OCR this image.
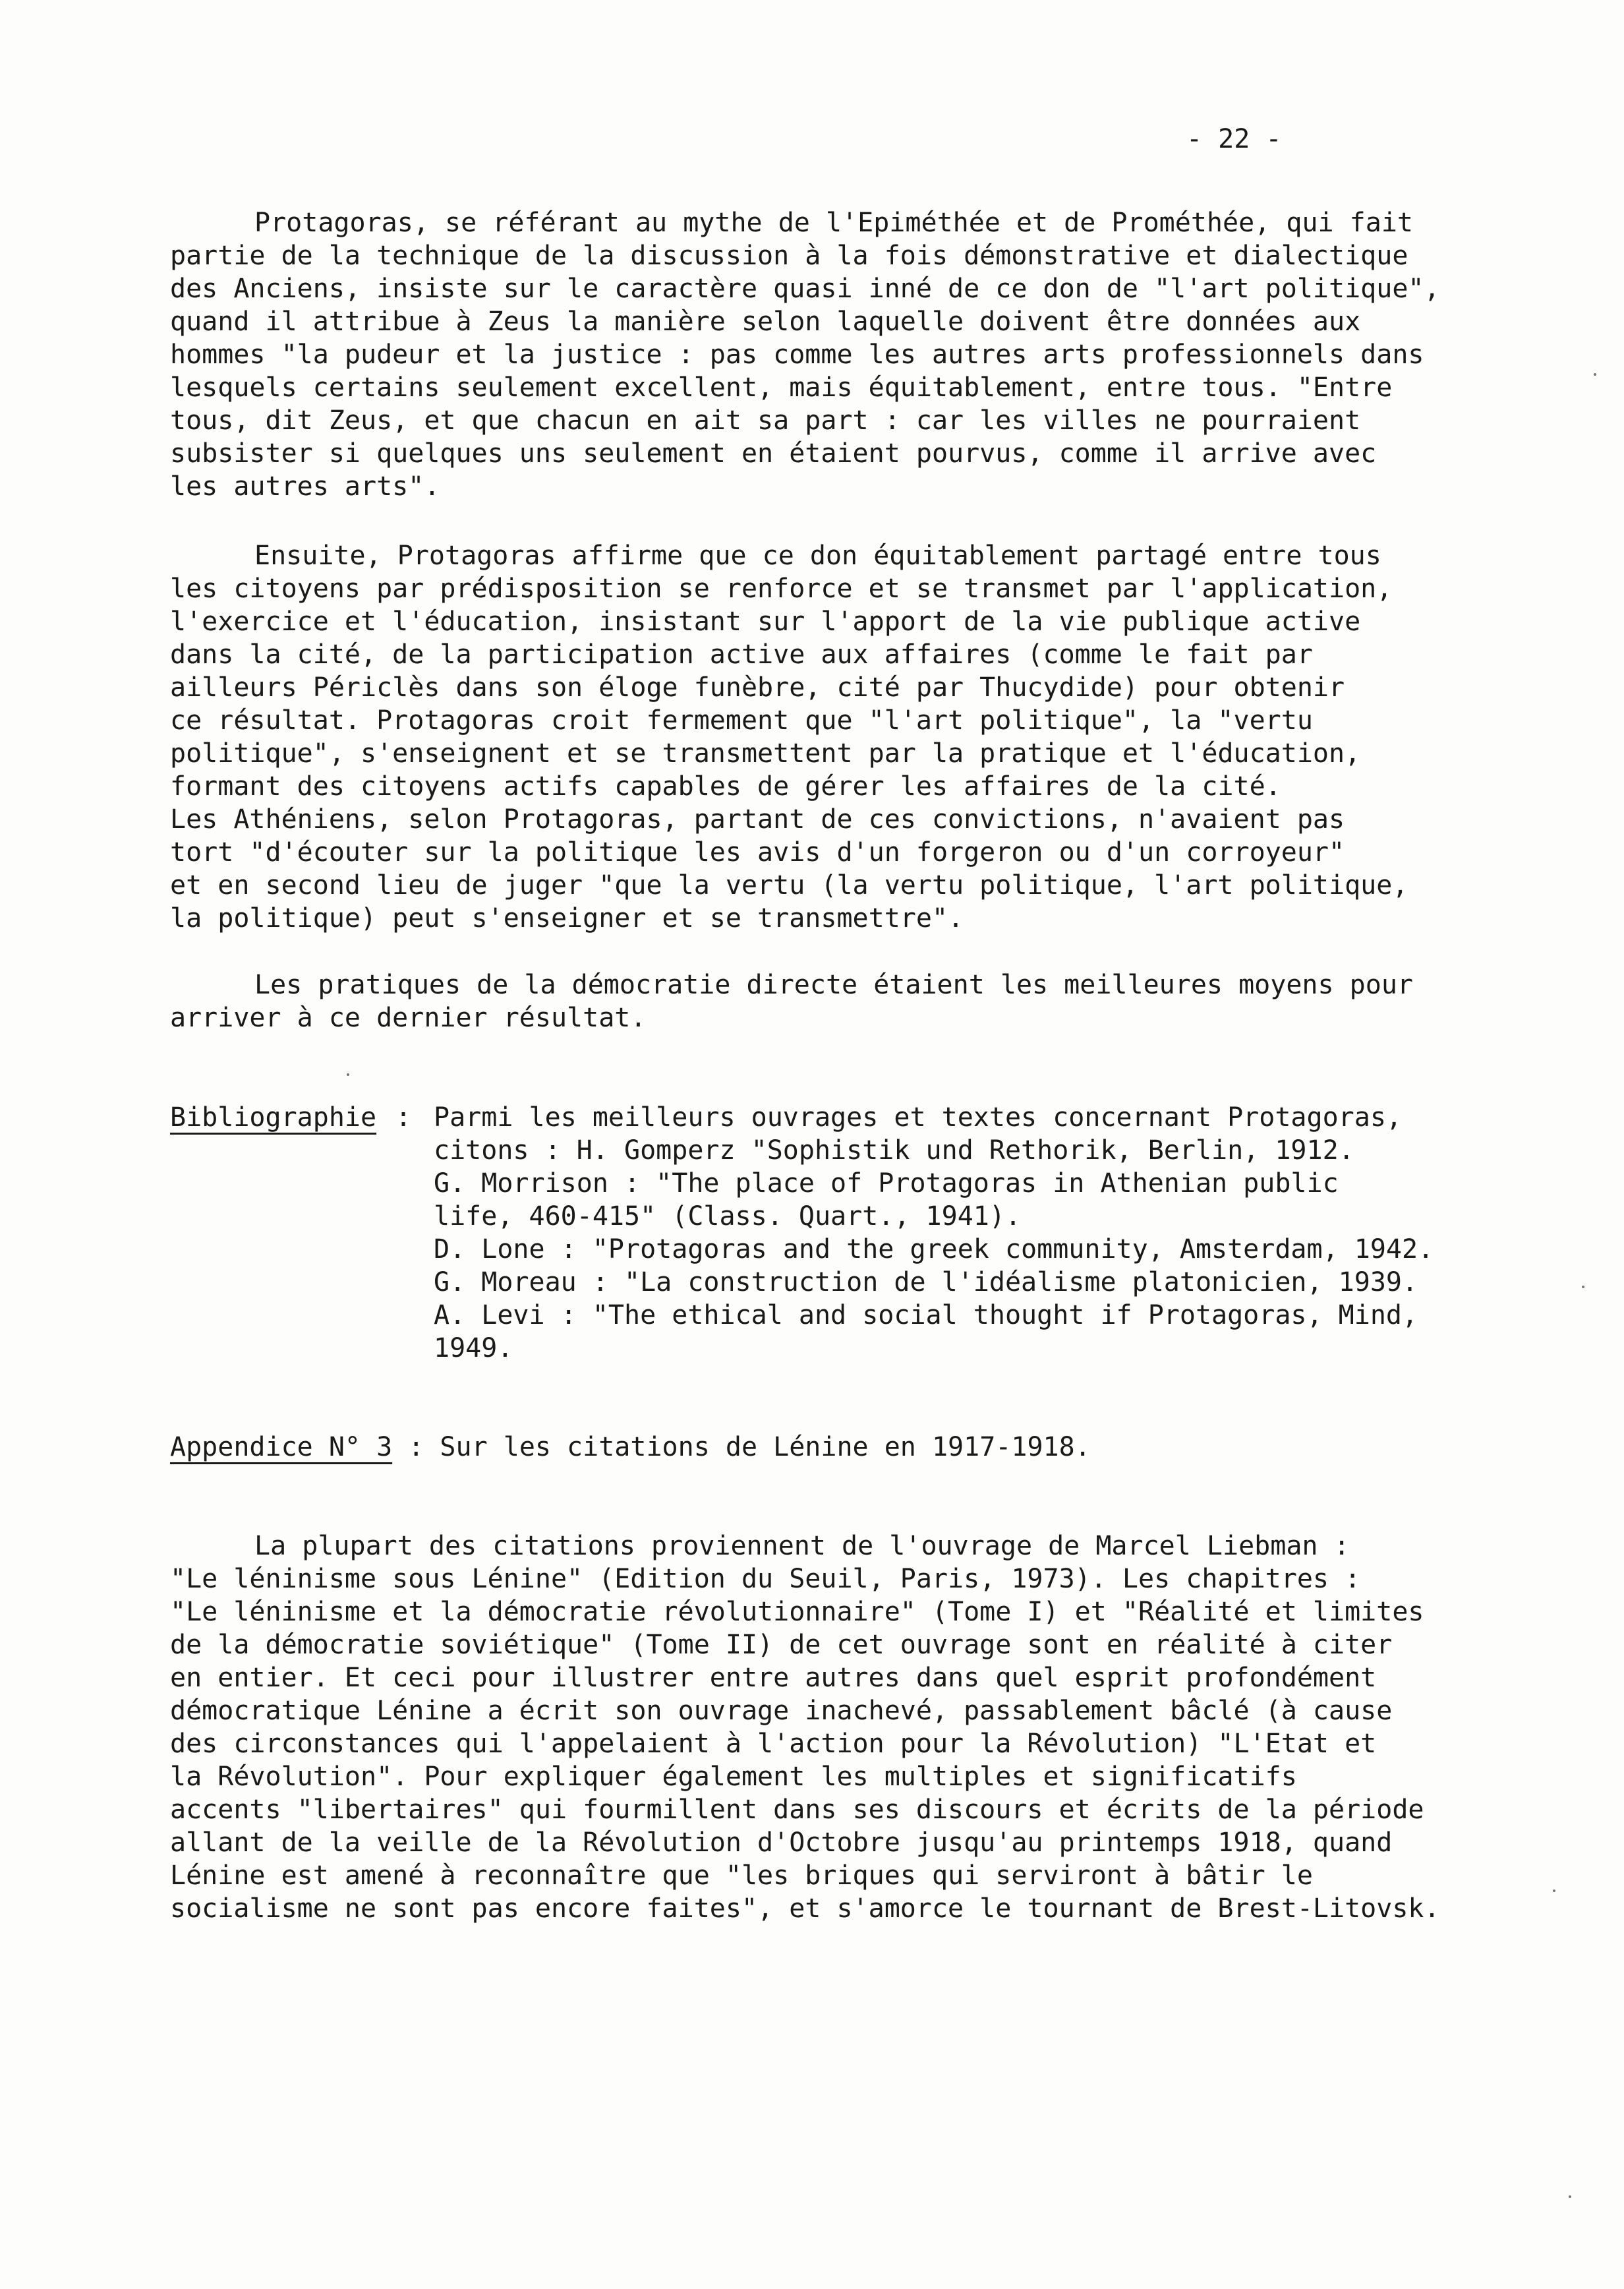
- 22 -
Protagoras, se référant au mythe de l'Epiméthée et de Prométhée, qui fait
partie de la technique de la discussion à la fois démonstrative et dialectique
des Anciens, insiste sur le caractère quasi inné de ce don de "l'art politique",
quand il attribue à Zeus la manière selon laquelle doivent être données aux
hommes "la pudeur et la justice : pas comme les autres arts professionnels dans
lesquels certains seulement excellent, mais équitablement, entre tous. "Entre
tous, dit Zeus, et que chacun en ait sa part : car les villes ne pourraient
subsister si quelques uns seulement en étaient pourvus, comme il arrive avec
les autres arts".
Ensuite, Protagoras affirme que ce don équitablement partagé entre tous
les citoyens par prédisposition se renforce et se transmet par l'application,
l'exercice et l'éducation, insistant sur l'apport de la vie publique active
dans la cité, de la participation active aux affaires (comme le fait par
ailleurs Périclès dans son éloge funèbre, cité par Thucydide) pour obtenir
ce résultat. Protagoras croit fermement que "l'art politique", la "vertu
politique", s'enseignent et se transmettent par la pratique et l'éducation,
formant des citoyens actifs capables de gérer les affaires de la cité.
Les Athéniens, selon Protagoras, partant de ces convictions, n'avaient pas
tort "d'écouter sur la politique les avis d'un forgeron ou d'un corroyeur"
et en second lieu de juger "que la vertu (la vertu politique, l'art politique,
la politique) peut s'enseigner et se transmettre".
Les pratiques de la démocratie directe étaient les meilleures moyens pour
arriver à ce dernier résultat.
Bibliographie : Parmi les meilleurs ouvrages et textes concernant Protagoras,
citons : H. Gomperz "Sophistik und Rethorik, Berlin, 1912.
G. Morrison : "The place of Protagoras in Athenian public
life, 460-415" (Class. Quart., 1941).
D. Lone : "Protagoras and the greek community, Amsterdam, 1942.
G. Moreau : "La construction de l'idéalisme platonicien, 1939.
A. Levi : "The ethical and social thought if Protagoras, Mind,
1949.
Appendice N° 3 : Sur les citations de Lénine en 1917-1918.
La plupart des citations proviennent de l'ouvrage de Marcel Liebman :
"Le léninisme sous Lénine" (Edition du Seuil, Paris, 1973). Les chapitres :
"Le léninisme et la démocratie révolutionnaire" (Tome I) et "Réalité et limites
de la démocratie soviétique" (Tome II) de cet ouvrage sont en réalité à citer
en entier. Et ceci pour illustrer entre autres dans quel esprit profondément
démocratique Lénine a écrit son ouvrage inachevé, passablement bâclé (à cause
des circonstances qui l'appelaient à l'action pour la Révolution) "L'Etat et
la Révolution". Pour expliquer également les multiples et significatifs
accents "libertaires" qui fourmillent dans ses discours et écrits de la période
allant de la veille de la Révolution d'Octobre jusqu'au printemps 1918, quand
Lénine est amené à reconnaître que "les briques qui serviront à bâtir le
socialisme ne sont pas encore faites", et s'amorce le tournant de Brest-Litovsk.
